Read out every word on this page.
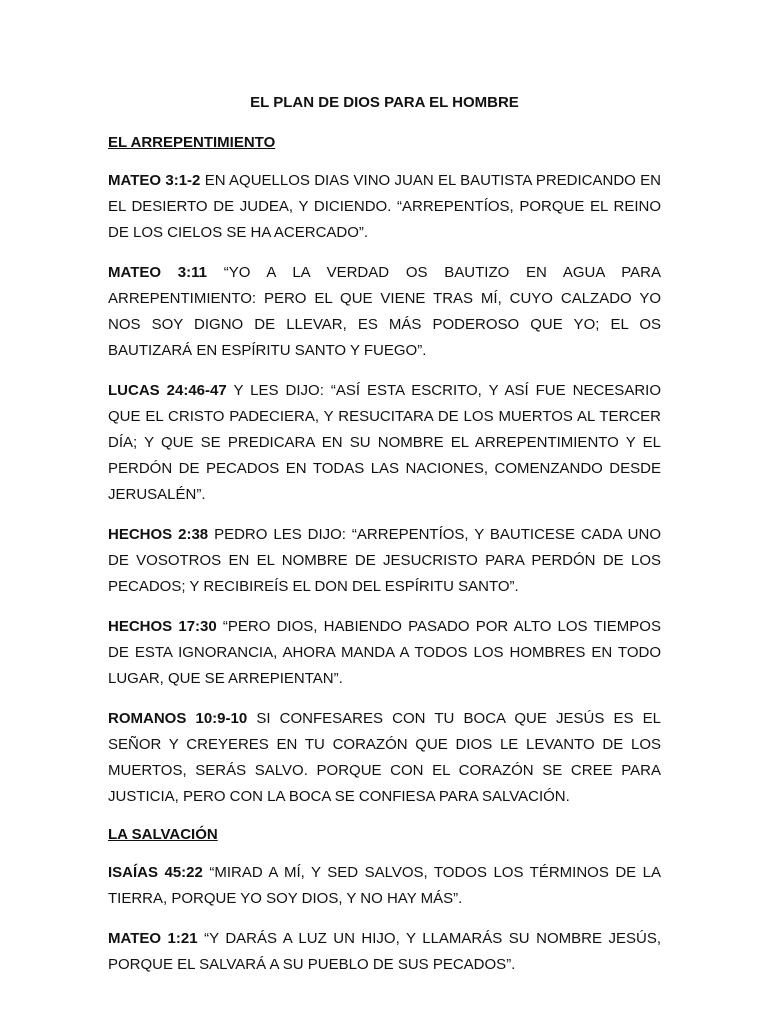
EL PLAN DE DIOS PARA EL HOMBRE
EL ARREPENTIMIENTO

MATEO 3:1-2 EN AQUELLOS DIAS VINO JUAN EL BAUTISTA PREDICANDO EN EL DESIERTO DE JUDEA, Y DICIENDO. “ARREPENTÍOS, PORQUE EL REINO DE LOS CIELOS SE HA ACERCADO”.

MATEO 3:11 “YO A LA VERDAD OS BAUTIZO EN AGUA PARA ARREPENTIMIENTO: PERO EL QUE VIENE TRAS MÍ, CUYO CALZADO YO NOS SOY DIGNO DE LLEVAR, ES MÁS PODEROSO QUE YO; EL OS BAUTIZARÁ EN ESPÍRITU SANTO Y FUEGO”.

LUCAS 24:46-47 Y LES DIJO: “ASÍ ESTA ESCRITO, Y ASÍ FUE NECESARIO QUE EL CRISTO PADECIERA, Y RESUCITARA DE LOS MUERTOS AL TERCER DÍA; Y QUE SE PREDICARA EN SU NOMBRE EL ARREPENTIMIENTO Y EL PERDÓN DE PECADOS EN TODAS LAS NACIONES, COMENZANDO DESDE JERUSALÉN”.

HECHOS 2:38 PEDRO LES DIJO: “ARREPENTÍOS, Y BAUTICESE CADA UNO DE VOSOTROS EN EL NOMBRE DE JESUCRISTO PARA PERDÓN DE LOS PECADOS; Y RECIBIREÍS EL DON DEL ESPÍRITU SANTO”.

HECHOS 17:30 “PERO DIOS, HABIENDO PASADO POR ALTO LOS TIEMPOS DE ESTA IGNORANCIA, AHORA MANDA A TODOS LOS HOMBRES EN TODO LUGAR, QUE SE ARREPIENTAN”.

ROMANOS 10:9-10 SI CONFESARES CON TU BOCA QUE JESÚS ES EL SEÑOR Y CREYERES EN TU CORAZÓN QUE DIOS LE LEVANTO DE LOS MUERTOS, SERÁS SALVO. PORQUE CON EL CORAZÓN SE CREE PARA JUSTICIA, PERO CON LA BOCA SE CONFIESA PARA SALVACIÓN.

LA SALVACIÓN

ISAÍAS 45:22 “MIRAD A MÍ, Y SED SALVOS, TODOS LOS TÉRMINOS DE LA TIERRA, PORQUE YO SOY DIOS, Y NO HAY MÁS”.

MATEO 1:21 “Y DARÁS A LUZ UN HIJO, Y LLAMARÁS SU NOMBRE JESÚS, PORQUE EL SALVARÁ A SU PUEBLO DE SUS PECADOS”.
